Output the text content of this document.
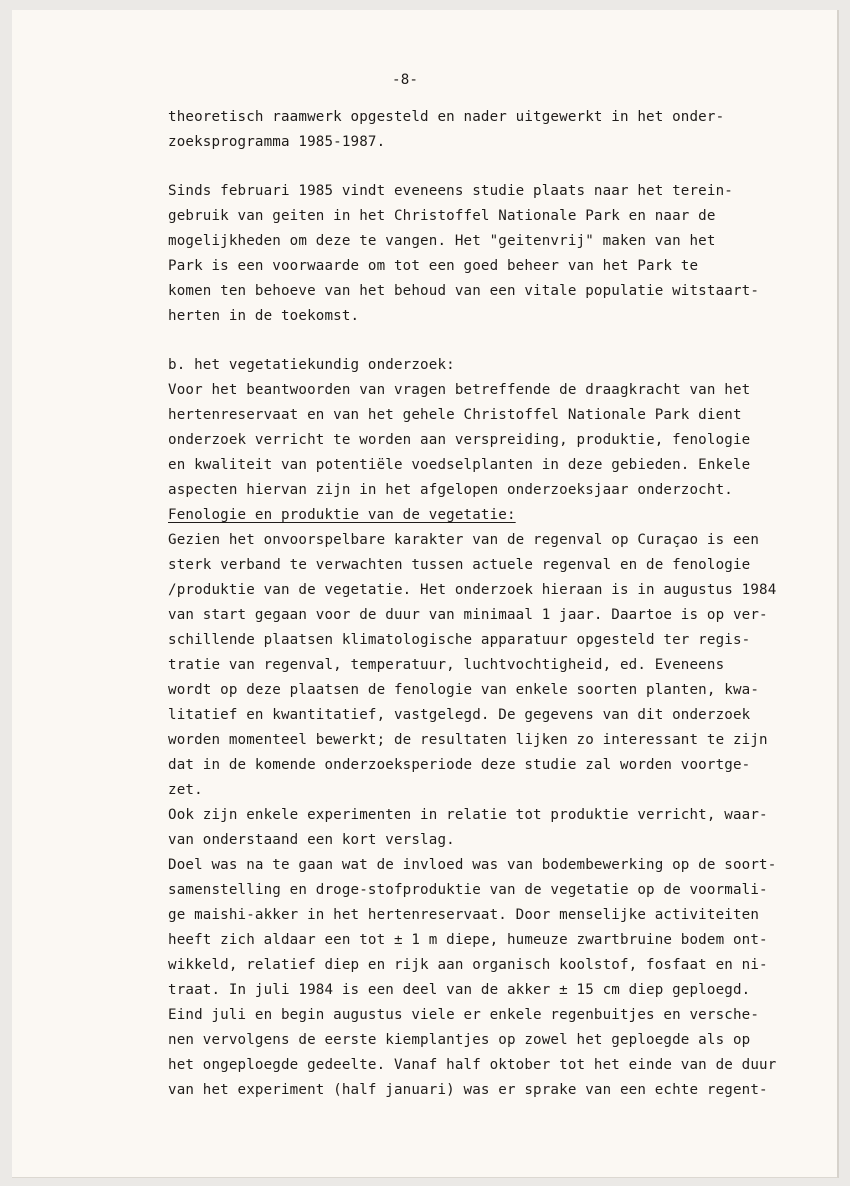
-8-
theoretisch raamwerk opgesteld en nader uitgewerkt in het onder-
zoeksprogramma 1985-1987.
Sinds februari 1985 vindt eveneens studie plaats naar het terein-
gebruik van geiten in het Christoffel Nationale Park en naar de
mogelijkheden om deze te vangen. Het "geitenvrij" maken van het
Park is een voorwaarde om tot een goed beheer van het Park te
komen ten behoeve van het behoud van een vitale populatie witstaart-
herten in de toekomst.
b. het vegetatiekundig onderzoek:
Voor het beantwoorden van vragen betreffende de draagkracht van het
hertenreservaat en van het gehele Christoffel Nationale Park dient
onderzoek verricht te worden aan verspreiding, produktie, fenologie
en kwaliteit van potentiële voedselplanten in deze gebieden. Enkele
aspecten hiervan zijn in het afgelopen onderzoeksjaar onderzocht.
Fenologie en produktie van de vegetatie:
Gezien het onvoorspelbare karakter van de regenval op Curaçao is een
sterk verband te verwachten tussen actuele regenval en de fenologie
/produktie van de vegetatie. Het onderzoek hieraan is in augustus 1984
van start gegaan voor de duur van minimaal 1 jaar. Daartoe is op ver-
schillende plaatsen klimatologische apparatuur opgesteld ter regis-
tratie van regenval, temperatuur, luchtvochtigheid, ed. Eveneens
wordt op deze plaatsen de fenologie van enkele soorten planten, kwa-
litatief en kwantitatief, vastgelegd. De gegevens van dit onderzoek
worden momenteel bewerkt; de resultaten lijken zo interessant te zijn
dat in de komende onderzoeksperiode deze studie zal worden voortge-
zet.
Ook zijn enkele experimenten in relatie tot produktie verricht, waar-
van onderstaand een kort verslag.
Doel was na te gaan wat de invloed was van bodembewerking op de soort-
samenstelling en droge-stofproduktie van de vegetatie op de voormali-
ge maishi-akker in het hertenreservaat. Door menselijke activiteiten
heeft zich aldaar een tot ± 1 m diepe, humeuze zwartbruine bodem ont-
wikkeld, relatief diep en rijk aan organisch koolstof, fosfaat en ni-
traat. In juli 1984 is een deel van de akker ± 15 cm diep geploegd.
Eind juli en begin augustus viele er enkele regenbuitjes en versche-
nen vervolgens de eerste kiemplantjes op zowel het geploegde als op
het ongeploegde gedeelte. Vanaf half oktober tot het einde van de duur
van het experiment (half januari) was er sprake van een echte regent-
